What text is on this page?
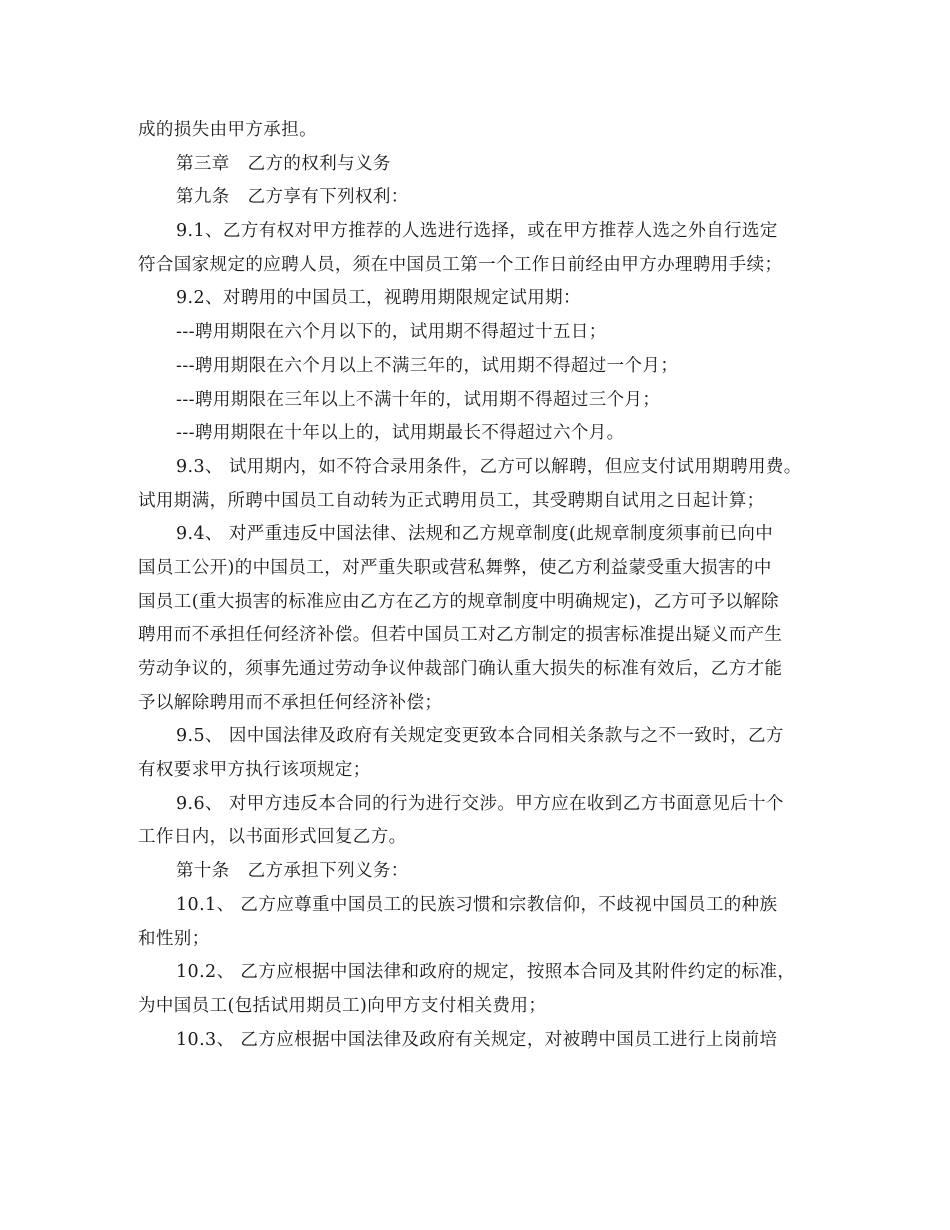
成的损失由甲方承担。
第三章　乙方的权利与义务
第九条　乙方享有下列权利：
9.1、乙方有权对甲方推荐的人选进行选择，或在甲方推荐人选之外自行选定
符合国家规定的应聘人员，须在中国员工第一个工作日前经由甲方办理聘用手续；
9.2、对聘用的中国员工，视聘用期限规定试用期：
---聘用期限在六个月以下的，试用期不得超过十五日；
---聘用期限在六个月以上不满三年的，试用期不得超过一个月；
---聘用期限在三年以上不满十年的，试用期不得超过三个月；
---聘用期限在十年以上的，试用期最长不得超过六个月。
9.3、 试用期内，如不符合录用条件，乙方可以解聘，但应支付试用期聘用费。
试用期满，所聘中国员工自动转为正式聘用员工，其受聘期自试用之日起计算；
9.4、 对严重违反中国法律、法规和乙方规章制度(此规章制度须事前已向中
国员工公开)的中国员工，对严重失职或营私舞弊，使乙方利益蒙受重大损害的中
国员工(重大损害的标准应由乙方在乙方的规章制度中明确规定)，乙方可予以解除
聘用而不承担任何经济补偿。但若中国员工对乙方制定的损害标准提出疑义而产生
劳动争议的，须事先通过劳动争议仲裁部门确认重大损失的标准有效后，乙方才能
予以解除聘用而不承担任何经济补偿；
9.5、 因中国法律及政府有关规定变更致本合同相关条款与之不一致时，乙方
有权要求甲方执行该项规定；
9.6、 对甲方违反本合同的行为进行交涉。甲方应在收到乙方书面意见后十个
工作日内，以书面形式回复乙方。
第十条　乙方承担下列义务：
10.1、 乙方应尊重中国员工的民族习惯和宗教信仰，不歧视中国员工的种族
和性别；
10.2、 乙方应根据中国法律和政府的规定，按照本合同及其附件约定的标准，
为中国员工(包括试用期员工)向甲方支付相关费用；
10.3、 乙方应根据中国法律及政府有关规定，对被聘中国员工进行上岗前培
